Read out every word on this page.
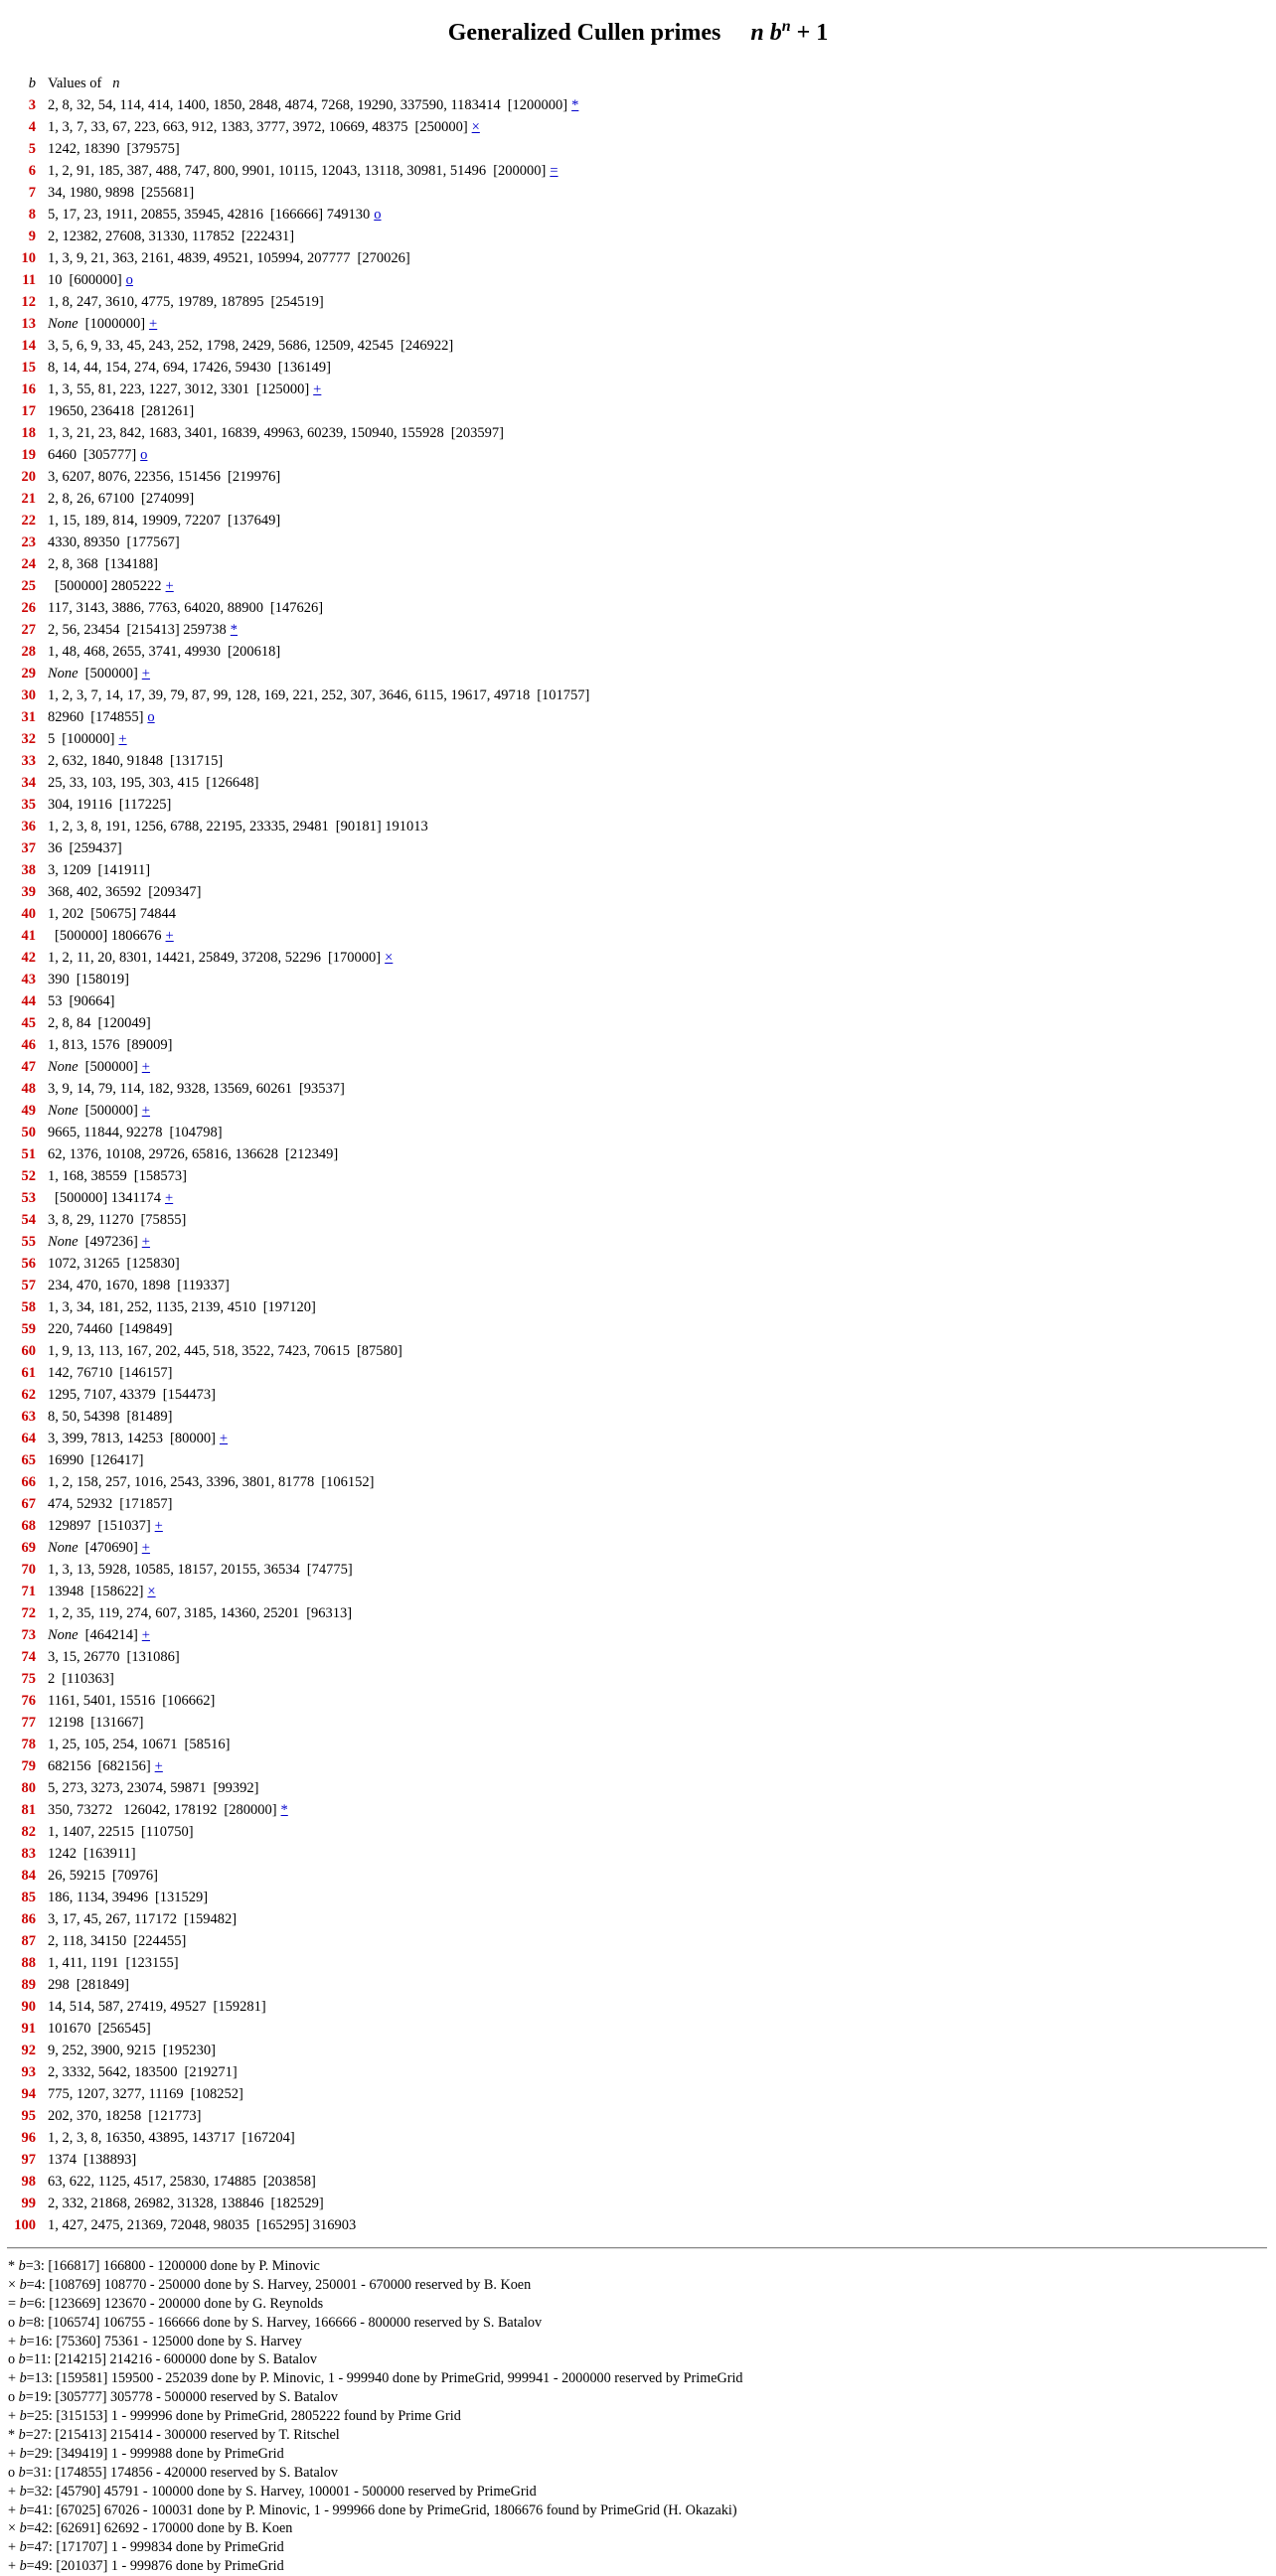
Generalized Cullen primes n $b^n + 1$
b Values of n
3 2, 8, 32, 54, 114, 414, 1400, 1850, 2848, 4874, 7268, 19290, 337590, 1183414 [1200000] *
4 1, 3, 7, 33, 67, 223, 663, 912, 1383, 3777, 3972, 10669, 48375 [250000] ×
5 1242, 18390 [379575]
6 1, 2, 91, 185, 387, 488, 747, 800, 9901, 10115, 12043, 13118, 30981, 51496 [200000] =
7 34, 1980, 9898 [255681]
8 5, 17, 23, 1911, 20855, 35945, 42816 [166666] 749130 o
9 2, 12382, 27608, 31330, 117852 [222431]
10 1, 3, 9, 21, 363, 2161, 4839, 49521, 105994, 207777 [270026]
11 10 [600000] o
12 1, 8, 247, 3610, 4775, 19789, 187895 [254519]
13 None [1000000] +
14 3, 5, 6, 9, 33, 45, 243, 252, 1798, 2429, 5686, 12509, 42545 [246922]
15 8, 14, 44, 154, 274, 694, 17426, 59430 [136149]
16 1, 3, 55, 81, 223, 1227, 3012, 3301 [125000] +
17 19650, 236418 [281261]
18 1, 3, 21, 23, 842, 1683, 3401, 16839, 49963, 60239, 150940, 155928 [203597]
19 6460 [305777] o
20 3, 6207, 8076, 22356, 151456 [219976]
21 2, 8, 26, 67100 [274099]
22 1, 15, 189, 814, 19909, 72207 [137649]
23 4330, 89350 [177567]
24 2, 8, 368 [134188]
25 [500000] 2805222 +
26 117, 3143, 3886, 7763, 64020, 88900 [147626]
27 2, 56, 23454 [215413] 259738 *
28 1, 48, 468, 2655, 3741, 49930 [200618]
29 None [500000] +
30 1, 2, 3, 7, 14, 17, 39, 79, 87, 99, 128, 169, 221, 252, 307, 3646, 6115, 19617, 49718 [101757]
31 82960 [174855] o
32 5 [100000] +
33 2, 632, 1840, 91848 [131715]
34 25, 33, 103, 195, 303, 415 [126648]
35 304, 19116 [117225]
36 1, 2, 3, 8, 191, 1256, 6788, 22195, 23335, 29481 [90181] 191013
37 36 [259437]
38 3, 1209 [141911]
39 368, 402, 36592 [209347]
40 1, 202 [50675] 74844
41 [500000] 1806676 +
42 1, 2, 11, 20, 8301, 14421, 25849, 37208, 52296 [170000] ×
43 390 [158019]
44 53 [90664]
45 2, 8, 84 [120049]
46 1, 813, 1576 [89009]
47 None [500000] +
48 3, 9, 14, 79, 114, 182, 9328, 13569, 60261 [93537]
49 None [500000] +
50 9665, 11844, 92278 [104798]
51 62, 1376, 10108, 29726, 65816, 136628 [212349]
52 1, 168, 38559 [158573]
53 [500000] 1341174 +
54 3, 8, 29, 11270 [75855]
55 None [497236] +
56 1072, 31265 [125830]
57 234, 470, 1670, 1898 [119337]
58 1, 3, 34, 181, 252, 1135, 2139, 4510 [197120]
59 220, 74460 [149849]
60 1, 9, 13, 113, 167, 202, 445, 518, 3522, 7423, 70615 [87580]
61 142, 76710 [146157]
62 1295, 7107, 43379 [154473]
63 8, 50, 54398 [81489]
64 3, 399, 7813, 14253 [80000] +
65 16990 [126417]
66 1, 2, 158, 257, 1016, 2543, 3396, 3801, 81778 [106152]
67 474, 52932 [171857]
68 129897 [151037] +
69 None [470690] +
70 1, 3, 13, 5928, 10585, 18157, 20155, 36534 [74775]
71 13948 [158622] ×
72 1, 2, 35, 119, 274, 607, 3185, 14360, 25201 [96313]
73 None [464214] +
74 3, 15, 26770 [131086]
75 2 [110363]
76 1161, 5401, 15516 [106662]
77 12198 [131667]
78 1, 25, 105, 254, 10671 [58516]
79 682156 [682156] +
80 5, 273, 3273, 23074, 59871 [99392]
81 350, 73272   126042, 178192 [280000] *
82 1, 1407, 22515 [110750]
83 1242 [163911]
84 26, 59215 [70976]
85 186, 1134, 39496 [131529]
86 3, 17, 45, 267, 117172 [159482]
87 2, 118, 34150 [224455]
88 1, 411, 1191 [123155]
89 298 [281849]
90 14, 514, 587, 27419, 49527 [159281]
91 101670 [256545]
92 9, 252, 3900, 9215 [195230]
93 2, 3332, 5642, 183500 [219271]
94 775, 1207, 3277, 11169 [108252]
95 202, 370, 18258 [121773]
96 1, 2, 3, 8, 16350, 43895, 143717 [167204]
97 1374 [138893]
98 63, 622, 1125, 4517, 25830, 174885 [203858]
99 2, 332, 21868, 26982, 31328, 138846 [182529]
100 1, 427, 2475, 21369, 72048, 98035 [165295] 316903
* b=3: [166817] 166800 - 1200000 done by P. Minovic
× b=4: [108769] 108770 - 250000 done by S. Harvey, 250001 - 670000 reserved by B. Koen
= b=6: [123669] 123670 - 200000 done by G. Reynolds
o b=8: [106574] 106755 - 166666 done by S. Harvey, 166666 - 800000 reserved by S. Batalov
+ b=16: [75360] 75361 - 125000 done by S. Harvey
o b=11: [214215] 214216 - 600000 done by S. Batalov
+ b=13: [159581] 159500 - 252039 done by P. Minovic, 1 - 999940 done by PrimeGrid, 999941 - 2000000 reserved by PrimeGrid
o b=19: [305777] 305778 - 500000 reserved by S. Batalov
+ b=25: [315153] 1 - 999996 done by PrimeGrid, 2805222 found by Prime Grid
* b=27: [215413] 215414 - 300000 reserved by T. Ritschel
+ b=29: [349419] 1 - 999988 done by PrimeGrid
o b=31: [174855] 174856 - 420000 reserved by S. Batalov
+ b=32: [45790] 45791 - 100000 done by S. Harvey, 100001 - 500000 reserved by PrimeGrid
+ b=41: [67025] 67026 - 100031 done by P. Minovic, 1 - 999966 done by PrimeGrid, 1806676 found by PrimeGrid (H. Okazaki)
× b=42: [62691] 62692 - 170000 done by B. Koen
+ b=47: [171707] 1 - 999834 done by PrimeGrid
+ b=49: [201037] 1 - 999876 done by PrimeGrid
